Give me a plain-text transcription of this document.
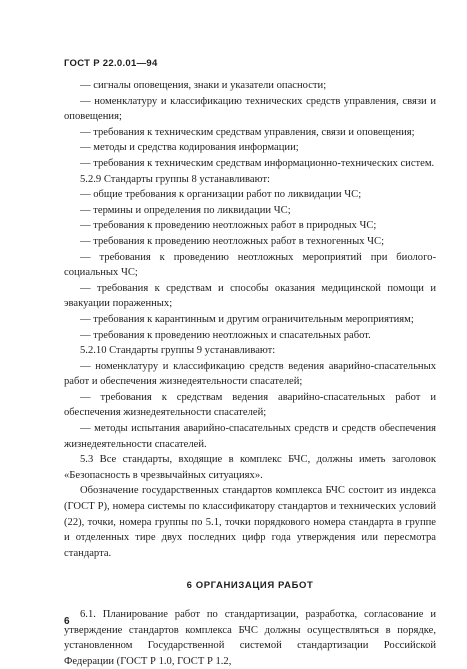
ГОСТ Р 22.0.01—94
— сигналы оповещения, знаки и указатели опасности;
— номенклатуру и классификацию технических средств управления, связи и оповещения;
— требования к техническим средствам управления, связи и оповещения;
— методы и средства кодирования информации;
— требования к техническим средствам информационно-технических систем.
5.2.9 Стандарты группы 8 устанавливают:
— общие требования к организации работ по ликвидации ЧС;
— термины и определения по ликвидации ЧС;
— требования к проведению неотложных работ в природных ЧС;
— требования к проведению неотложных работ в техногенных ЧС;
— требования к проведению неотложных мероприятий при биолого-социальных ЧС;
— требования к средствам и способы оказания медицинской помощи и эвакуации пораженных;
— требования к карантинным и другим ограничительным мероприятиям;
— требования к проведению неотложных и спасательных работ.
5.2.10 Стандарты группы 9 устанавливают:
— номенклатуру и классификацию средств ведения аварийно-спасательных работ и обеспечения жизнедеятельности спасателей;
— требования к средствам ведения аварийно-спасательных работ и обеспечения жизнедеятельности спасателей;
— методы испытания аварийно-спасательных средств и средств обеспечения жизнедеятельности спасателей.
5.3 Все стандарты, входящие в комплекс БЧС, должны иметь заголовок «Безопасность в чрезвычайных ситуациях».
Обозначение государственных стандартов комплекса БЧС состоит из индекса (ГОСТ Р), номера системы по классификатору стандартов и технических условий (22), точки, номера группы по 5.1, точки порядкового номера стандарта в группе и отделенных тире двух последних цифр года утверждения или пересмотра стандарта.
6 ОРГАНИЗАЦИЯ РАБОТ
6.1. Планирование работ по стандартизации, разработка, согласование и утверждение стандартов комплекса БЧС должны осуществляться в порядке, установленном Государственной системой стандартизации Российской Федерации (ГОСТ Р 1.0, ГОСТ Р 1.2,
6
